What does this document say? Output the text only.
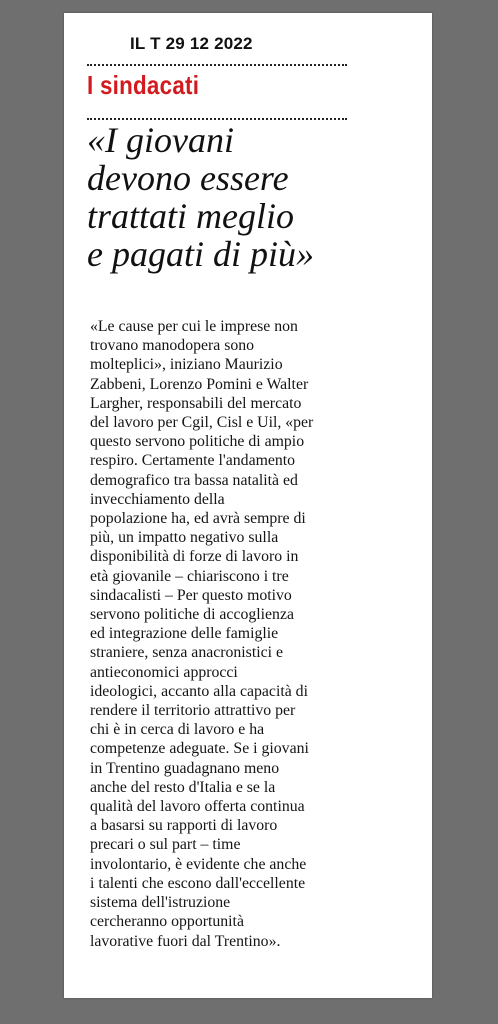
IL T 29 12 2022
I sindacati
«I giovani
devono essere
trattati meglio
e pagati di più»
«Le cause per cui le imprese non
trovano manodopera sono
molteplici», iniziano Maurizio
Zabbeni, Lorenzo Pomini e Walter
Largher, responsabili del mercato
del lavoro per Cgil, Cisl e Uil, «per
questo servono politiche di ampio
respiro. Certamente l'andamento
demografico tra bassa natalità ed
invecchiamento della
popolazione ha, ed avrà sempre di
più, un impatto negativo sulla
disponibilità di forze di lavoro in
età giovanile – chiariscono i tre
sindacalisti – Per questo motivo
servono politiche di accoglienza
ed integrazione delle famiglie
straniere, senza anacronistici e
antieconomici approcci
ideologici, accanto alla capacità di
rendere il territorio attrattivo per
chi è in cerca di lavoro e ha
competenze adeguate. Se i giovani
in Trentino guadagnano meno
anche del resto d'Italia e se la
qualità del lavoro offerta continua
a basarsi su rapporti di lavoro
precari o sul part – time
involontario, è evidente che anche
i talenti che escono dall'eccellente
sistema dell'istruzione
cercheranno opportunità
lavorative fuori dal Trentino».
